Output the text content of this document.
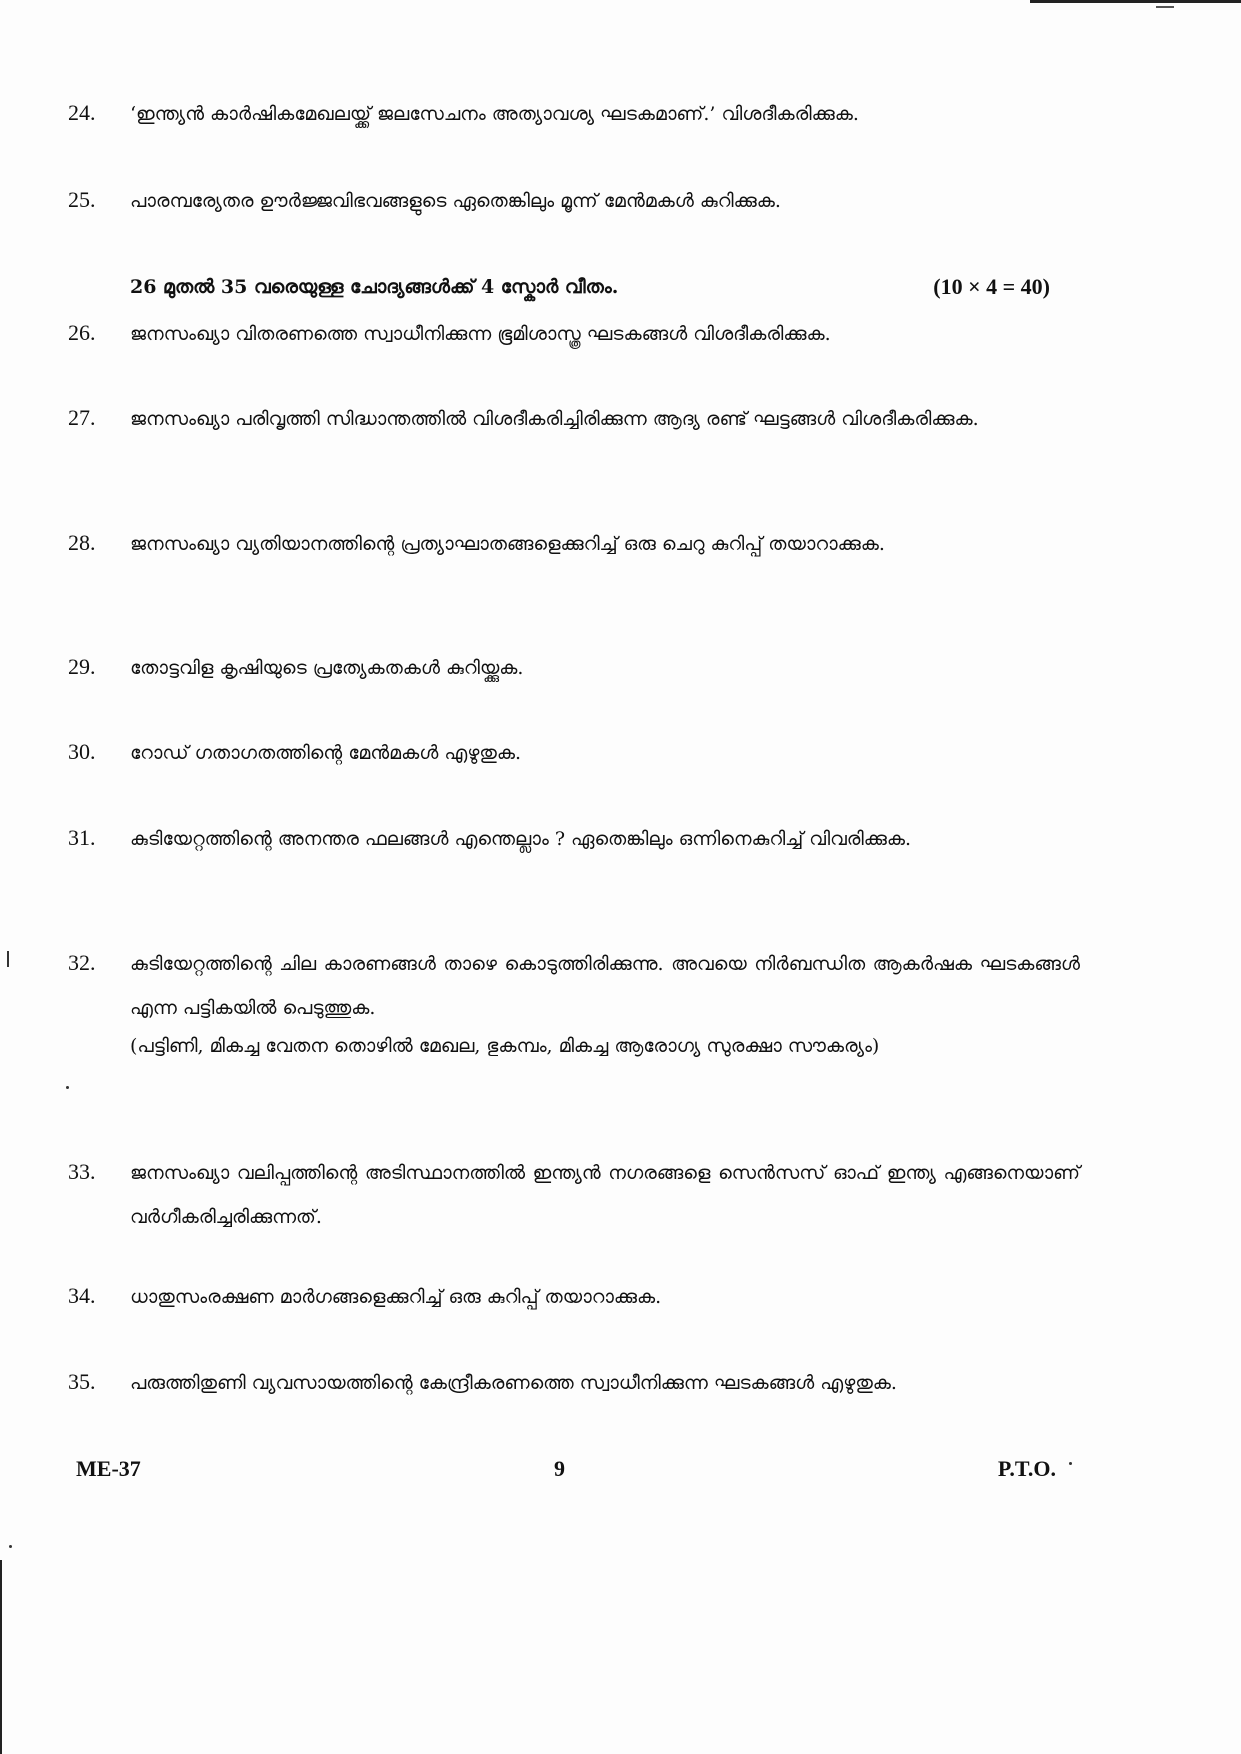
24.	‘ഇന്ത്യൻ കാർഷികമേഖലയ്ക്ക് ജലസേചനം അത്യാവശ്യ ഘടകമാണ്.’ വിശദീകരിക്കുക.
25.	പാരമ്പര്യേതര ഊർജ്ജവിഭവങ്ങളുടെ ഏതെങ്കിലും മൂന്ന് മേൻമകൾ കുറിക്കുക.
26 മുതൽ 35 വരെയുള്ള ചോദ്യങ്ങൾക്ക് 4 സ്കോർ വീതം.	(10 × 4 = 40)
26.	ജനസംഖ്യാ വിതരണത്തെ സ്വാധീനിക്കുന്ന ഭൂമിശാസ്ത്ര ഘടകങ്ങൾ വിശദീകരിക്കുക.
27.	ജനസംഖ്യാ പരിവൃത്തി സിദ്ധാന്തത്തിൽ വിശദീകരിച്ചിരിക്കുന്ന ആദ്യ രണ്ട് ഘട്ടങ്ങൾ വിശദീകരിക്കുക.
28.	ജനസംഖ്യാ വ്യതിയാനത്തിന്റെ പ്രത്യാഘാതങ്ങളെക്കുറിച്ച് ഒരു ചെറു കുറിപ്പ് തയാറാക്കുക.
29.	തോട്ടവിള കൃഷിയുടെ പ്രത്യേകതകൾ കുറിയ്ക്കുക.
30.	റോഡ് ഗതാഗതത്തിന്റെ മേൻമകൾ എഴുതുക.
31.	കുടിയേറ്റത്തിന്റെ അനന്തര ഫലങ്ങൾ എന്തെല്ലാം ? ഏതെങ്കിലും ഒന്നിനെകുറിച്ച് വിവരിക്കുക.
32.	കുടിയേറ്റത്തിന്റെ ചില കാരണങ്ങൾ താഴെ കൊടുത്തിരിക്കുന്നു. അവയെ നിർബന്ധിത ആകർഷക ഘടകങ്ങൾ എന്ന പട്ടികയിൽ പെടുത്തുക.
(പട്ടിണി, മികച്ച വേതന തൊഴിൽ മേഖല, ഭുകമ്പം, മികച്ച ആരോഗ്യ സുരക്ഷാ സൗകര്യം)
33.	ജനസംഖ്യാ വലിപ്പത്തിന്റെ അടിസ്ഥാനത്തിൽ ഇന്ത്യൻ നഗരങ്ങളെ സെൻസസ് ഓഫ് ഇന്ത്യ എങ്ങനെയാണ് വർഗീകരിച്ചരിക്കുന്നത്.
34.	ധാതുസംരക്ഷണ മാർഗങ്ങളെക്കുറിച്ച് ഒരു കുറിപ്പ് തയാറാക്കുക.
35.	പരുത്തിതുണി വ്യവസായത്തിന്റെ കേന്ദ്രീകരണത്തെ സ്വാധീനിക്കുന്ന ഘടകങ്ങൾ എഴുതുക.
ME-37	9	P.T.O.
